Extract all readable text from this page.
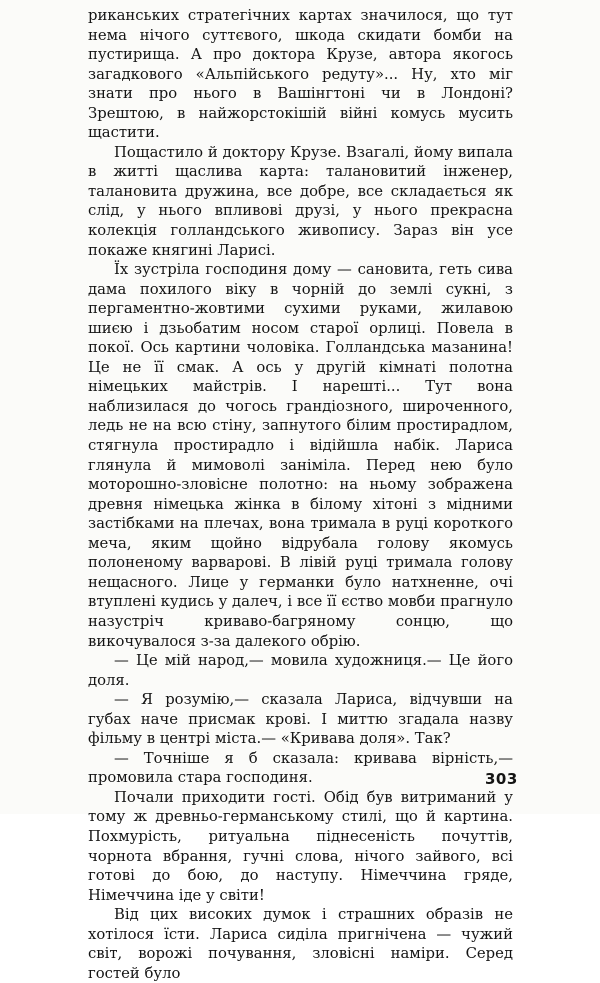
риканських стратегічних картах значилося, що тут нема нічого суттєвого, шкода скидати бомби на пустирища. А про доктора Крузе, автора якогось загадкового «Альпійського редуту»... Ну, хто міг знати про нього в Вашінгтоні чи в Лондоні? Зрештою, в найжорстокішій війні комусь мусить щастити.

Пощастило й доктору Крузе. Взагалі, йому випала в житті щаслива карта: талановитий інженер, талановита дружина, все добре, все складається як слід, у нього впливові друзі, у нього прекрасна колекція голландського живопису. Зараз він усе покаже княгині Ларисі.

Їх зустріла господиня дому — сановита, геть сива дама похилого віку в чорній до землі сукні, з пергаментно-жовтими сухими руками, жилавою шиєю і дзьобатим носом старої орлиці. Повела в покої. Ось картини чоловіка. Голландська мазанина! Це не її смак. А ось у другій кімнаті полотна німецьких майстрів. І нарешті... Тут вона наблизилася до чогось грандіозного, широченного, ледь не на всю стіну, запнутого білим простирадлом, стягнула простирадло і відійшла набік. Лариса глянула й мимоволі заніміла. Перед нею було моторошно-зловісне полотно: на ньому зображена древня німецька жінка в білому хітоні з мідними застібками на плечах, вона тримала в руці короткого меча, яким щойно відрубала голову якомусь полоненому варварові. В лівій руці тримала голову нещасного. Лице у германки було натхненне, очі втуплені кудись у далеч, і все її єство мовби прагнуло назустріч криваво-багряному сонцю, що викочувалося з-за далекого обрію.

— Це мій народ,— мовила художниця.— Це його доля.

— Я розумію,— сказала Лариса, відчувши на губах наче присмак крові. І миттю згадала назву фільму в центрі міста.— «Кривава доля». Так?

— Точніше я б сказала: кривава вірність,— промовила стара господиня.

Почали приходити гості. Обід був витриманий у тому ж древньо-германському стилі, що й картина. Похмурість, ритуальна піднесеність почуттів, чорнота вбрання, гучні слова, нічого зайвого, всі готові до бою, до наступу. Німеччина гряде, Німеччина іде у світи!

Від цих високих думок і страшних образів не хотілося їсти. Лариса сиділа пригнічена — чужий світ, ворожі почування, зловісні наміри. Серед гостей було

303
